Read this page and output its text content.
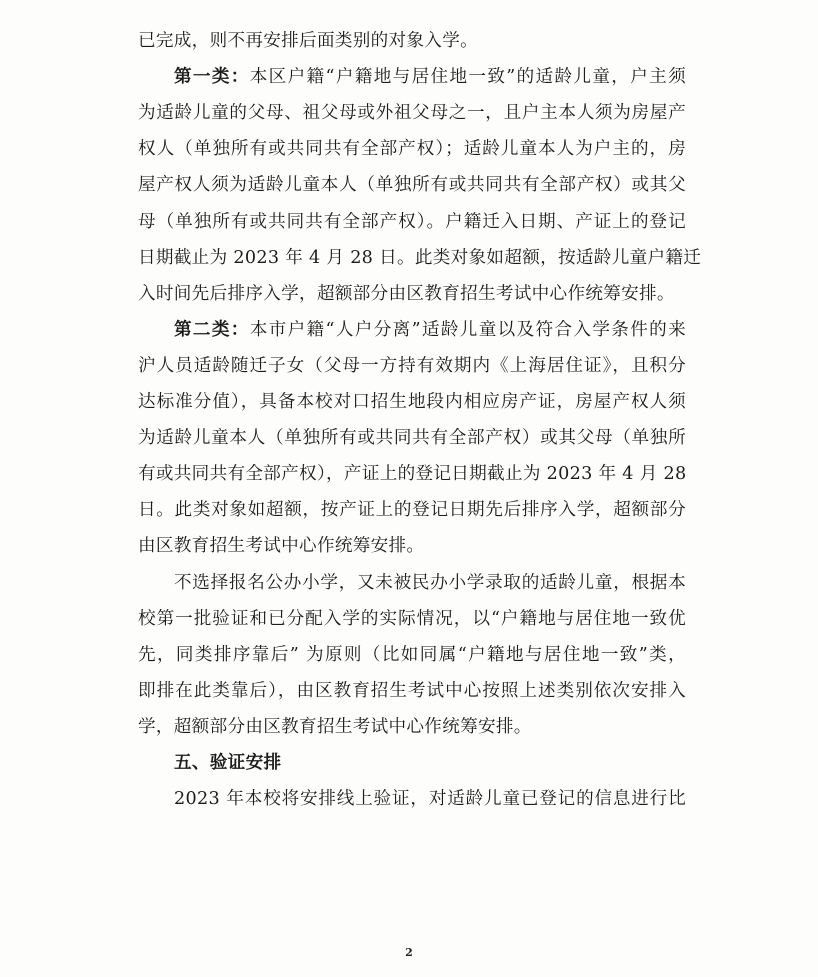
已完成，则不再安排后面类别的对象入学。
第一类：本区户籍“户籍地与居住地一致”的适龄儿童，户主须
为适龄儿童的父母、祖父母或外祖父母之一，且户主本人须为房屋产
权人（单独所有或共同共有全部产权）；适龄儿童本人为户主的，房
屋产权人须为适龄儿童本人（单独所有或共同共有全部产权）或其父
母（单独所有或共同共有全部产权）。户籍迁入日期、产证上的登记
日期截止为 2023 年 4 月 28 日。此类对象如超额，按适龄儿童户籍迁
入时间先后排序入学，超额部分由区教育招生考试中心作统筹安排。
第二类：本市户籍“人户分离”适龄儿童以及符合入学条件的来
沪人员适龄随迁子女（父母一方持有效期内《上海居住证》，且积分
达标准分值），具备本校对口招生地段内相应房产证，房屋产权人须
为适龄儿童本人（单独所有或共同共有全部产权）或其父母（单独所
有或共同共有全部产权），产证上的登记日期截止为 2023 年 4 月 28
日。此类对象如超额，按产证上的登记日期先后排序入学，超额部分
由区教育招生考试中心作统筹安排。
不选择报名公办小学，又未被民办小学录取的适龄儿童，根据本
校第一批验证和已分配入学的实际情况，以“户籍地与居住地一致优
先，同类排序靠后” 为原则（比如同属“户籍地与居住地一致”类，
即排在此类靠后），由区教育招生考试中心按照上述类别依次安排入
学，超额部分由区教育招生考试中心作统筹安排。
五、验证安排
2023 年本校将安排线上验证，对适龄儿童已登记的信息进行比
2
